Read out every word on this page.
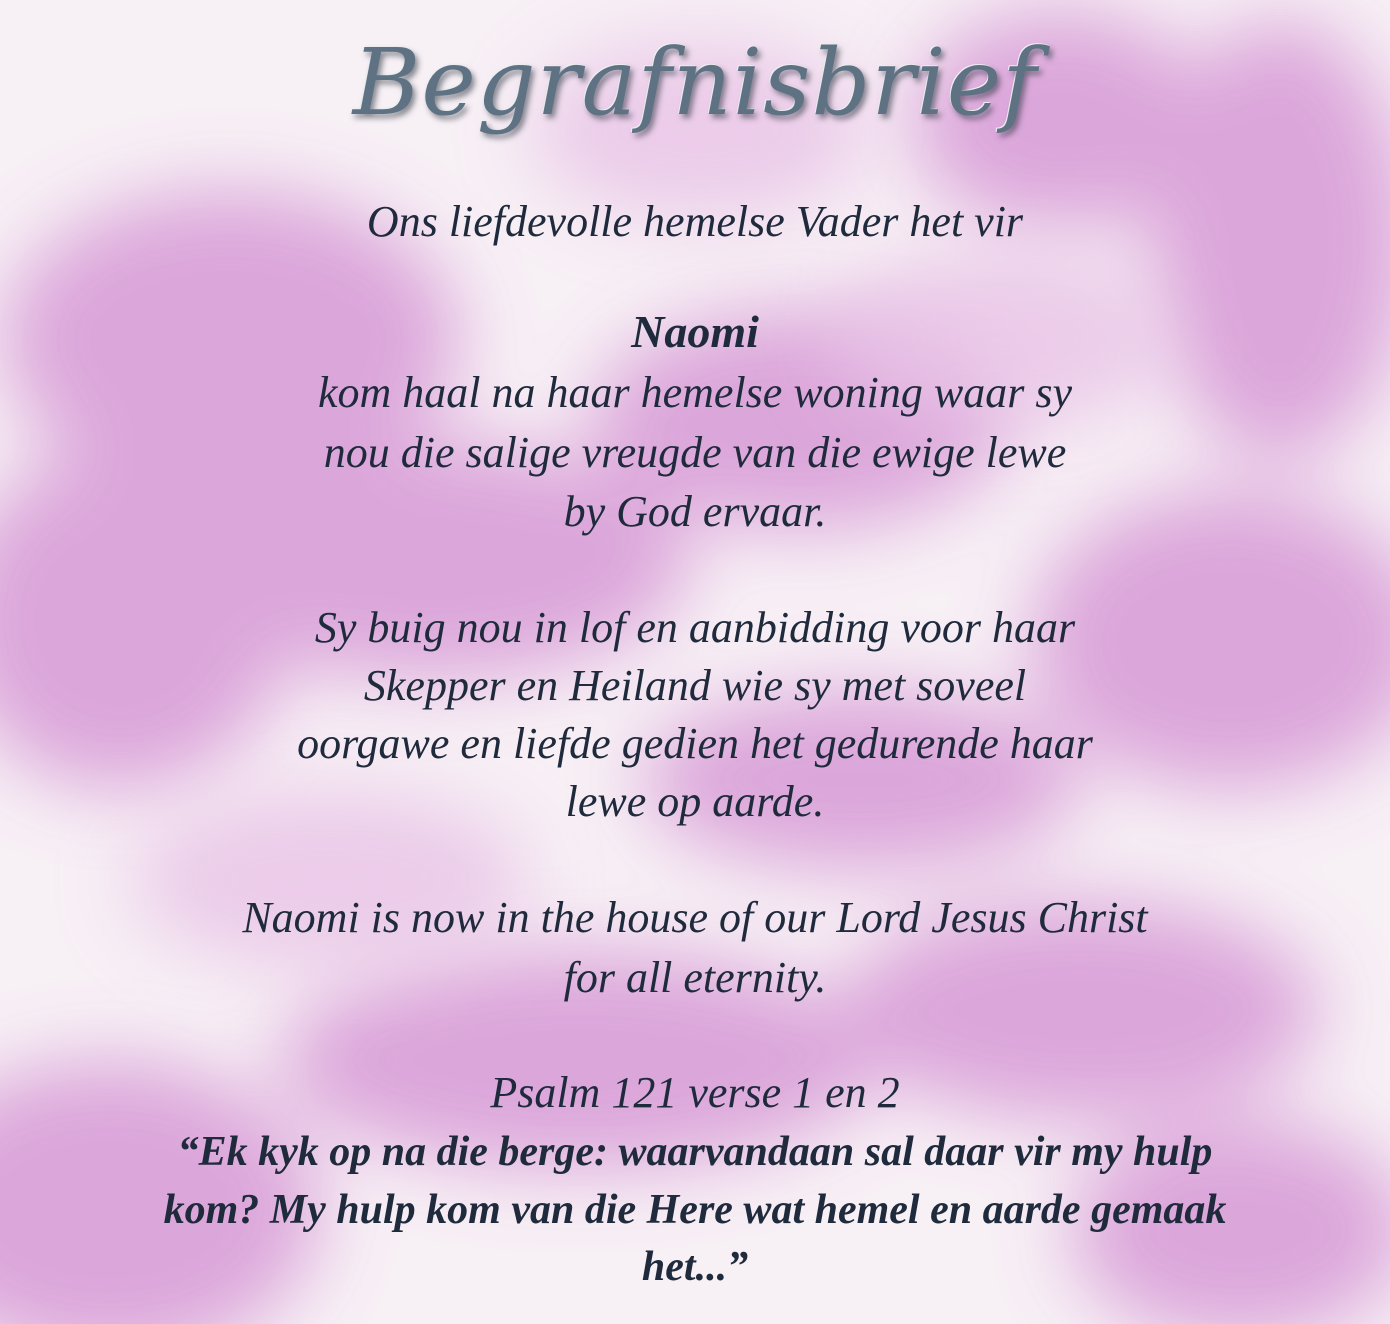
Begrafnisbrief
Ons liefdevolle hemelse Vader het vir
Naomi
kom haal na haar hemelse woning waar sy
nou die salige vreugde van die ewige lewe
by God ervaar.
Sy buig nou in lof en aanbidding voor haar
Skepper en Heiland wie sy met soveel
oorgawe en liefde gedien het gedurende haar
lewe op aarde.
Naomi is now in the house of our Lord Jesus Christ
for all eternity.
Psalm 121 verse 1 en 2
“Ek kyk op na die berge: waarvandaan sal daar vir my hulp
kom? My hulp kom van die Here wat hemel en aarde gemaak
het...”
